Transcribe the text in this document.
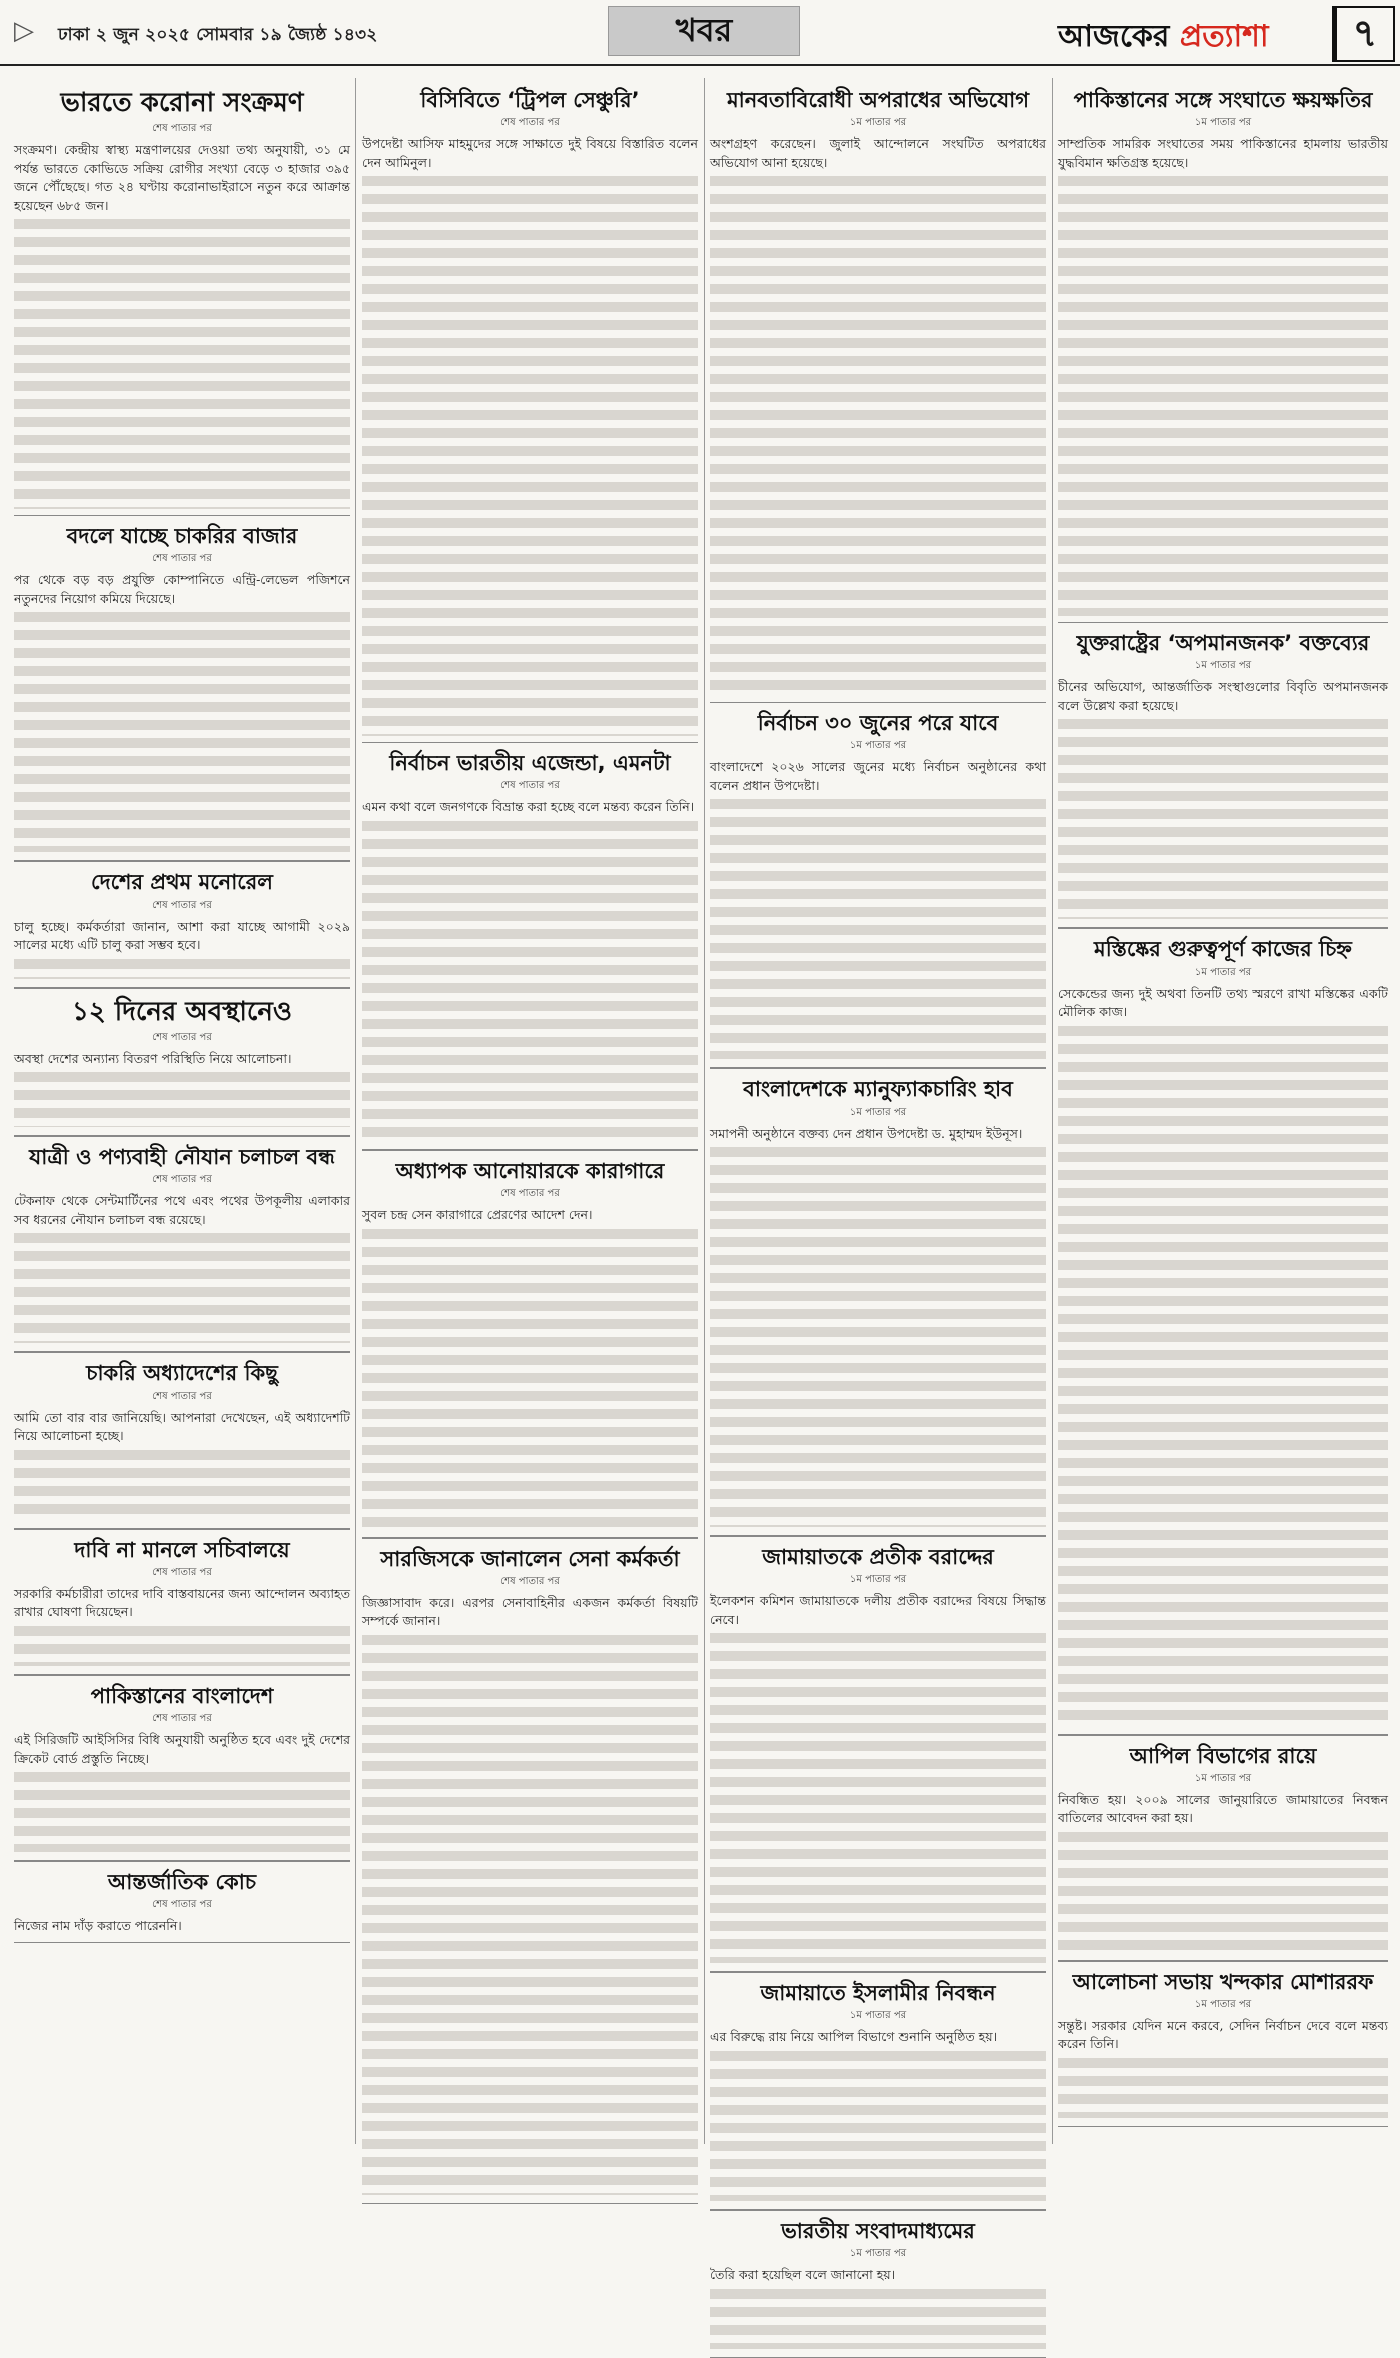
▷ ঢাকা ২ জুন ২০২৫ সোমবার ১৯ জ্যৈষ্ঠ ১৪৩২	খবর	আজকের প্রত্যাশা	৭
ভারতে করোনা সংক্রমণ
শেষ পাতার পর

সংক্রমণ। কেন্দ্রীয় স্বাস্থ্য মন্ত্রণালয়ের দেওয়া তথ্য অনুযায়ী, ৩১ মে পর্যন্ত ভারতে কোভিডে সক্রিয় রোগীর সংখ্যা বেড়ে ৩ হাজার ৩৯৫ জনে পৌঁছেছে। গত ২৪ ঘণ্টায় করোনাভাইরাসে নতুন করে আক্রান্ত হয়েছেন ৬৮৫ জন।

বদলে যাচ্ছে চাকরির বাজার
শেষ পাতার পর

পর থেকে বড় বড় প্রযুক্তি কোম্পানিতে এন্ট্রি-লেভেল পজিশনে নতুনদের নিয়োগ কমিয়ে দিয়েছে।

দেশের প্রথম মনোরেল
শেষ পাতার পর

চালু হচ্ছে। কর্মকর্তারা জানান, আশা করা যাচ্ছে আগামী ২০২৯ সালের মধ্যে এটি চালু করা সম্ভব হবে।

১২ দিনের অবস্থানেও
শেষ পাতার পর

অবস্থা দেশের অন্যান্য বিতরণ পরিস্থিতি নিয়ে আলোচনা।

যাত্রী ও পণ্যবাহী নৌযান চলাচল বন্ধ
শেষ পাতার পর

টেকনাফ থেকে সেন্টমার্টিনের পথে এবং পথের উপকূলীয় এলাকার সব ধরনের নৌযান চলাচল বন্ধ রয়েছে।

চাকরি অধ্যাদেশের কিছু
শেষ পাতার পর

আমি তো বার বার জানিয়েছি। আপনারা দেখেছেন, এই অধ্যাদেশটি নিয়ে আলোচনা হচ্ছে।

দাবি না মানলে সচিবালয়ে
শেষ পাতার পর

সরকারি কর্মচারীরা তাদের দাবি বাস্তবায়নের জন্য আন্দোলন অব্যাহত রাখার ঘোষণা দিয়েছেন।

পাকিস্তানের বাংলাদেশ
শেষ পাতার পর

এই সিরিজটি আইসিসির বিধি অনুযায়ী অনুষ্ঠিত হবে এবং দুই দেশের ক্রিকেট বোর্ড প্রস্তুতি নিচ্ছে।

আন্তর্জাতিক কোচ
শেষ পাতার পর

নিজের নাম দাঁড় করাতে পারেননি।

বিসিবিতে ‘ট্রিপল সেঞ্চুরি’
শেষ পাতার পর

উপদেষ্টা আসিফ মাহমুদের সঙ্গে সাক্ষাতে দুই বিষয়ে বিস্তারিত বলেন দেন আমিনুল।

নির্বাচন ভারতীয় এজেন্ডা, এমনটা
শেষ পাতার পর

এমন কথা বলে জনগণকে বিভ্রান্ত করা হচ্ছে বলে মন্তব্য করেন তিনি।

অধ্যাপক আনোয়ারকে কারাগারে
শেষ পাতার পর

সুবল চন্দ্র সেন কারাগারে প্রেরণের আদেশ দেন।

সারজিসকে জানালেন সেনা কর্মকর্তা
শেষ পাতার পর

জিজ্ঞাসাবাদ করে। এরপর সেনাবাহিনীর একজন কর্মকর্তা বিষয়টি সম্পর্কে জানান।

মানবতাবিরোধী অপরাধের অভিযোগ
১ম পাতার পর

অংশগ্রহণ করেছেন। জুলাই আন্দোলনে সংঘটিত অপরাধের অভিযোগ আনা হয়েছে।

নির্বাচন ৩০ জুনের পরে যাবে
১ম পাতার পর

বাংলাদেশে ২০২৬ সালের জুনের মধ্যে নির্বাচন অনুষ্ঠানের কথা বলেন প্রধান উপদেষ্টা।

বাংলাদেশকে ম্যানুফ্যাকচারিং হাব
১ম পাতার পর

সমাপনী অনুষ্ঠানে বক্তব্য দেন প্রধান উপদেষ্টা ড. মুহাম্মদ ইউনূস।

জামায়াতকে প্রতীক বরাদ্দের
১ম পাতার পর

ইলেকশন কমিশন জামায়াতকে দলীয় প্রতীক বরাদ্দের বিষয়ে সিদ্ধান্ত নেবে।

জামায়াতে ইসলামীর নিবন্ধন
১ম পাতার পর

এর বিরুদ্ধে রায় নিয়ে আপিল বিভাগে শুনানি অনুষ্ঠিত হয়।

ভারতীয় সংবাদমাধ্যমের
১ম পাতার পর

তৈরি করা হয়েছিল বলে জানানো হয়।

পাকিস্তানের সঙ্গে সংঘাতে ক্ষয়ক্ষতির
১ম পাতার পর

সাম্প্রতিক সামরিক সংঘাতের সময় পাকিস্তানের হামলায় ভারতীয় যুদ্ধবিমান ক্ষতিগ্রস্ত হয়েছে।

যুক্তরাষ্ট্রের ‘অপমানজনক’ বক্তব্যের
১ম পাতার পর

চীনের অভিযোগ, আন্তর্জাতিক সংস্থাগুলোর বিবৃতি অপমানজনক বলে উল্লেখ করা হয়েছে।

মস্তিষ্কের গুরুত্বপূর্ণ কাজের চিহ্ন
১ম পাতার পর

সেকেন্ডের জন্য দুই অথবা তিনটি তথ্য স্মরণে রাখা মস্তিষ্কের একটি মৌলিক কাজ।

আপিল বিভাগের রায়ে
১ম পাতার পর

নিবন্ধিত হয়। ২০০৯ সালের জানুয়ারিতে জামায়াতের নিবন্ধন বাতিলের আবেদন করা হয়।

আলোচনা সভায় খন্দকার মোশাররফ
১ম পাতার পর

সন্তুষ্ট। সরকার যেদিন মনে করবে, সেদিন নির্বাচন দেবে বলে মন্তব্য করেন তিনি।
